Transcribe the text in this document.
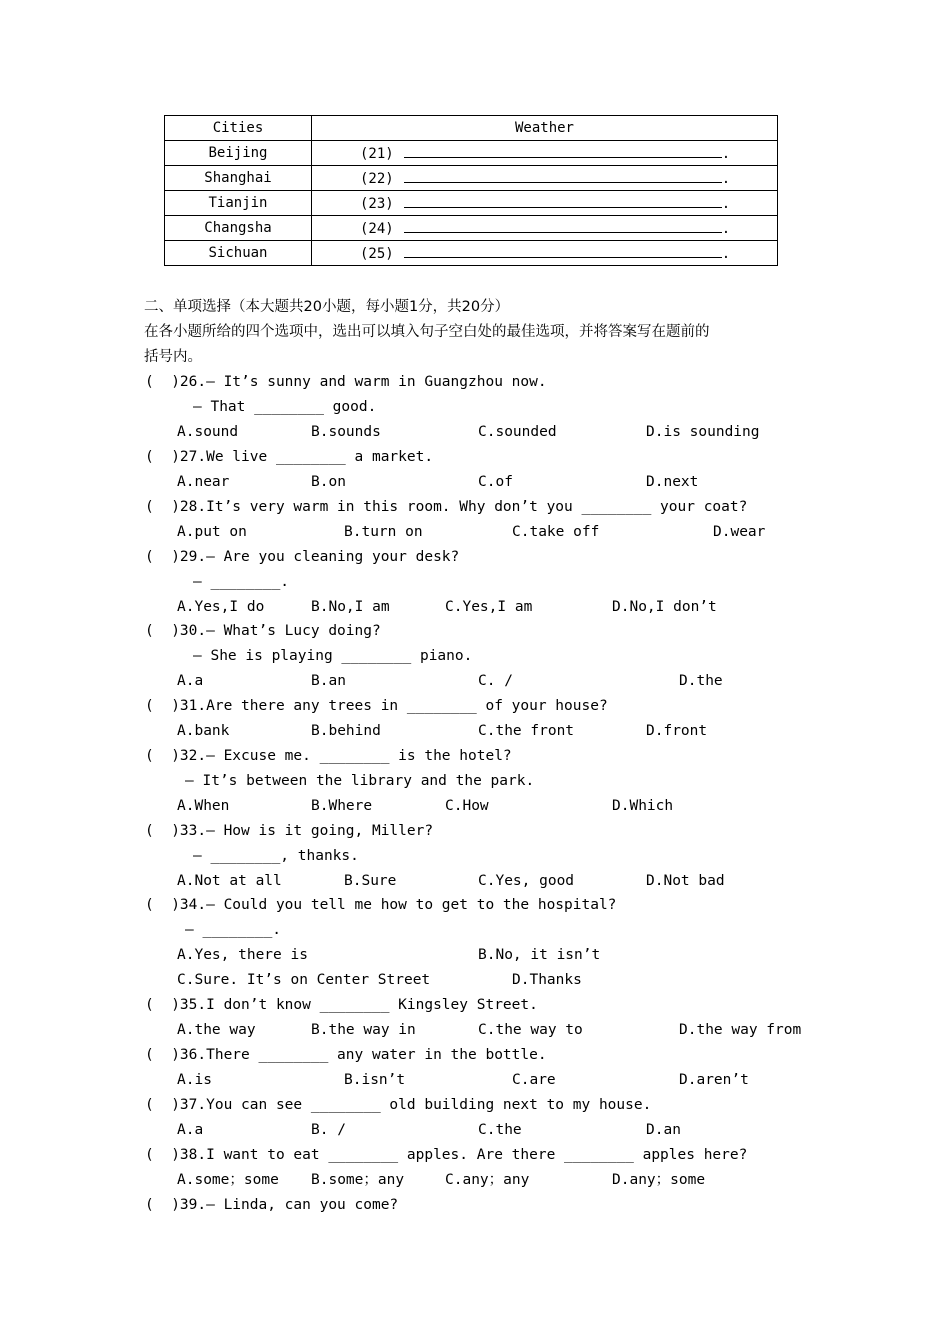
Cities	Weather
Beijing	(21) .
Shanghai	(22) .
Tianjin	(23) .
Changsha	(24) .
Sichuan	(25) .
二、单项选择（本大题共20小题，每小题1分，共20分）
在各小题所给的四个选项中，选出可以填入句子空白处的最佳选项，并将答案写在题前的
括号内。
(  )26.— It’s sunny and warm in Guangzhou now.
— That ________ good.
A.sound	B.sounds	C.sounded	D.is sounding
(  )27.We live ________ a market.
A.near	B.on	C.of	D.next
(  )28.It’s very warm in this room. Why don’t you ________ your coat?
A.put on	B.turn on	C.take off	D.wear
(  )29.— Are you cleaning your desk?
— ________.
A.Yes,I do	B.No,I am	C.Yes,I am	D.No,I don’t
(  )30.— What’s Lucy doing?
— She is playing ________ piano.
A.a	B.an	C. /	D.the
(  )31.Are there any trees in ________ of your house?
A.bank	B.behind	C.the front	D.front
(  )32.— Excuse me. ________ is the hotel?
— It’s between the library and the park.
A.When	B.Where	C.How	D.Which
(  )33.— How is it going, Miller?
— ________, thanks.
A.Not at all	B.Sure	C.Yes, good	D.Not bad
(  )34.— Could you tell me how to get to the hospital?
— ________.
A.Yes, there is	B.No, it isn’t
C.Sure. It’s on Center Street	D.Thanks
(  )35.I don’t know ________ Kingsley Street.
A.the way	B.the way in	C.the way to	D.the way from
(  )36.There ________ any water in the bottle.
A.is	B.isn’t	C.are	D.aren’t
(  )37.You can see ________ old building next to my house.
A.a	B. /	C.the	D.an
(  )38.I want to eat ________ apples. Are there ________ apples here?
A.some；some B.some；any	C.any；any	D.any；some
(  )39.— Linda, can you come?
